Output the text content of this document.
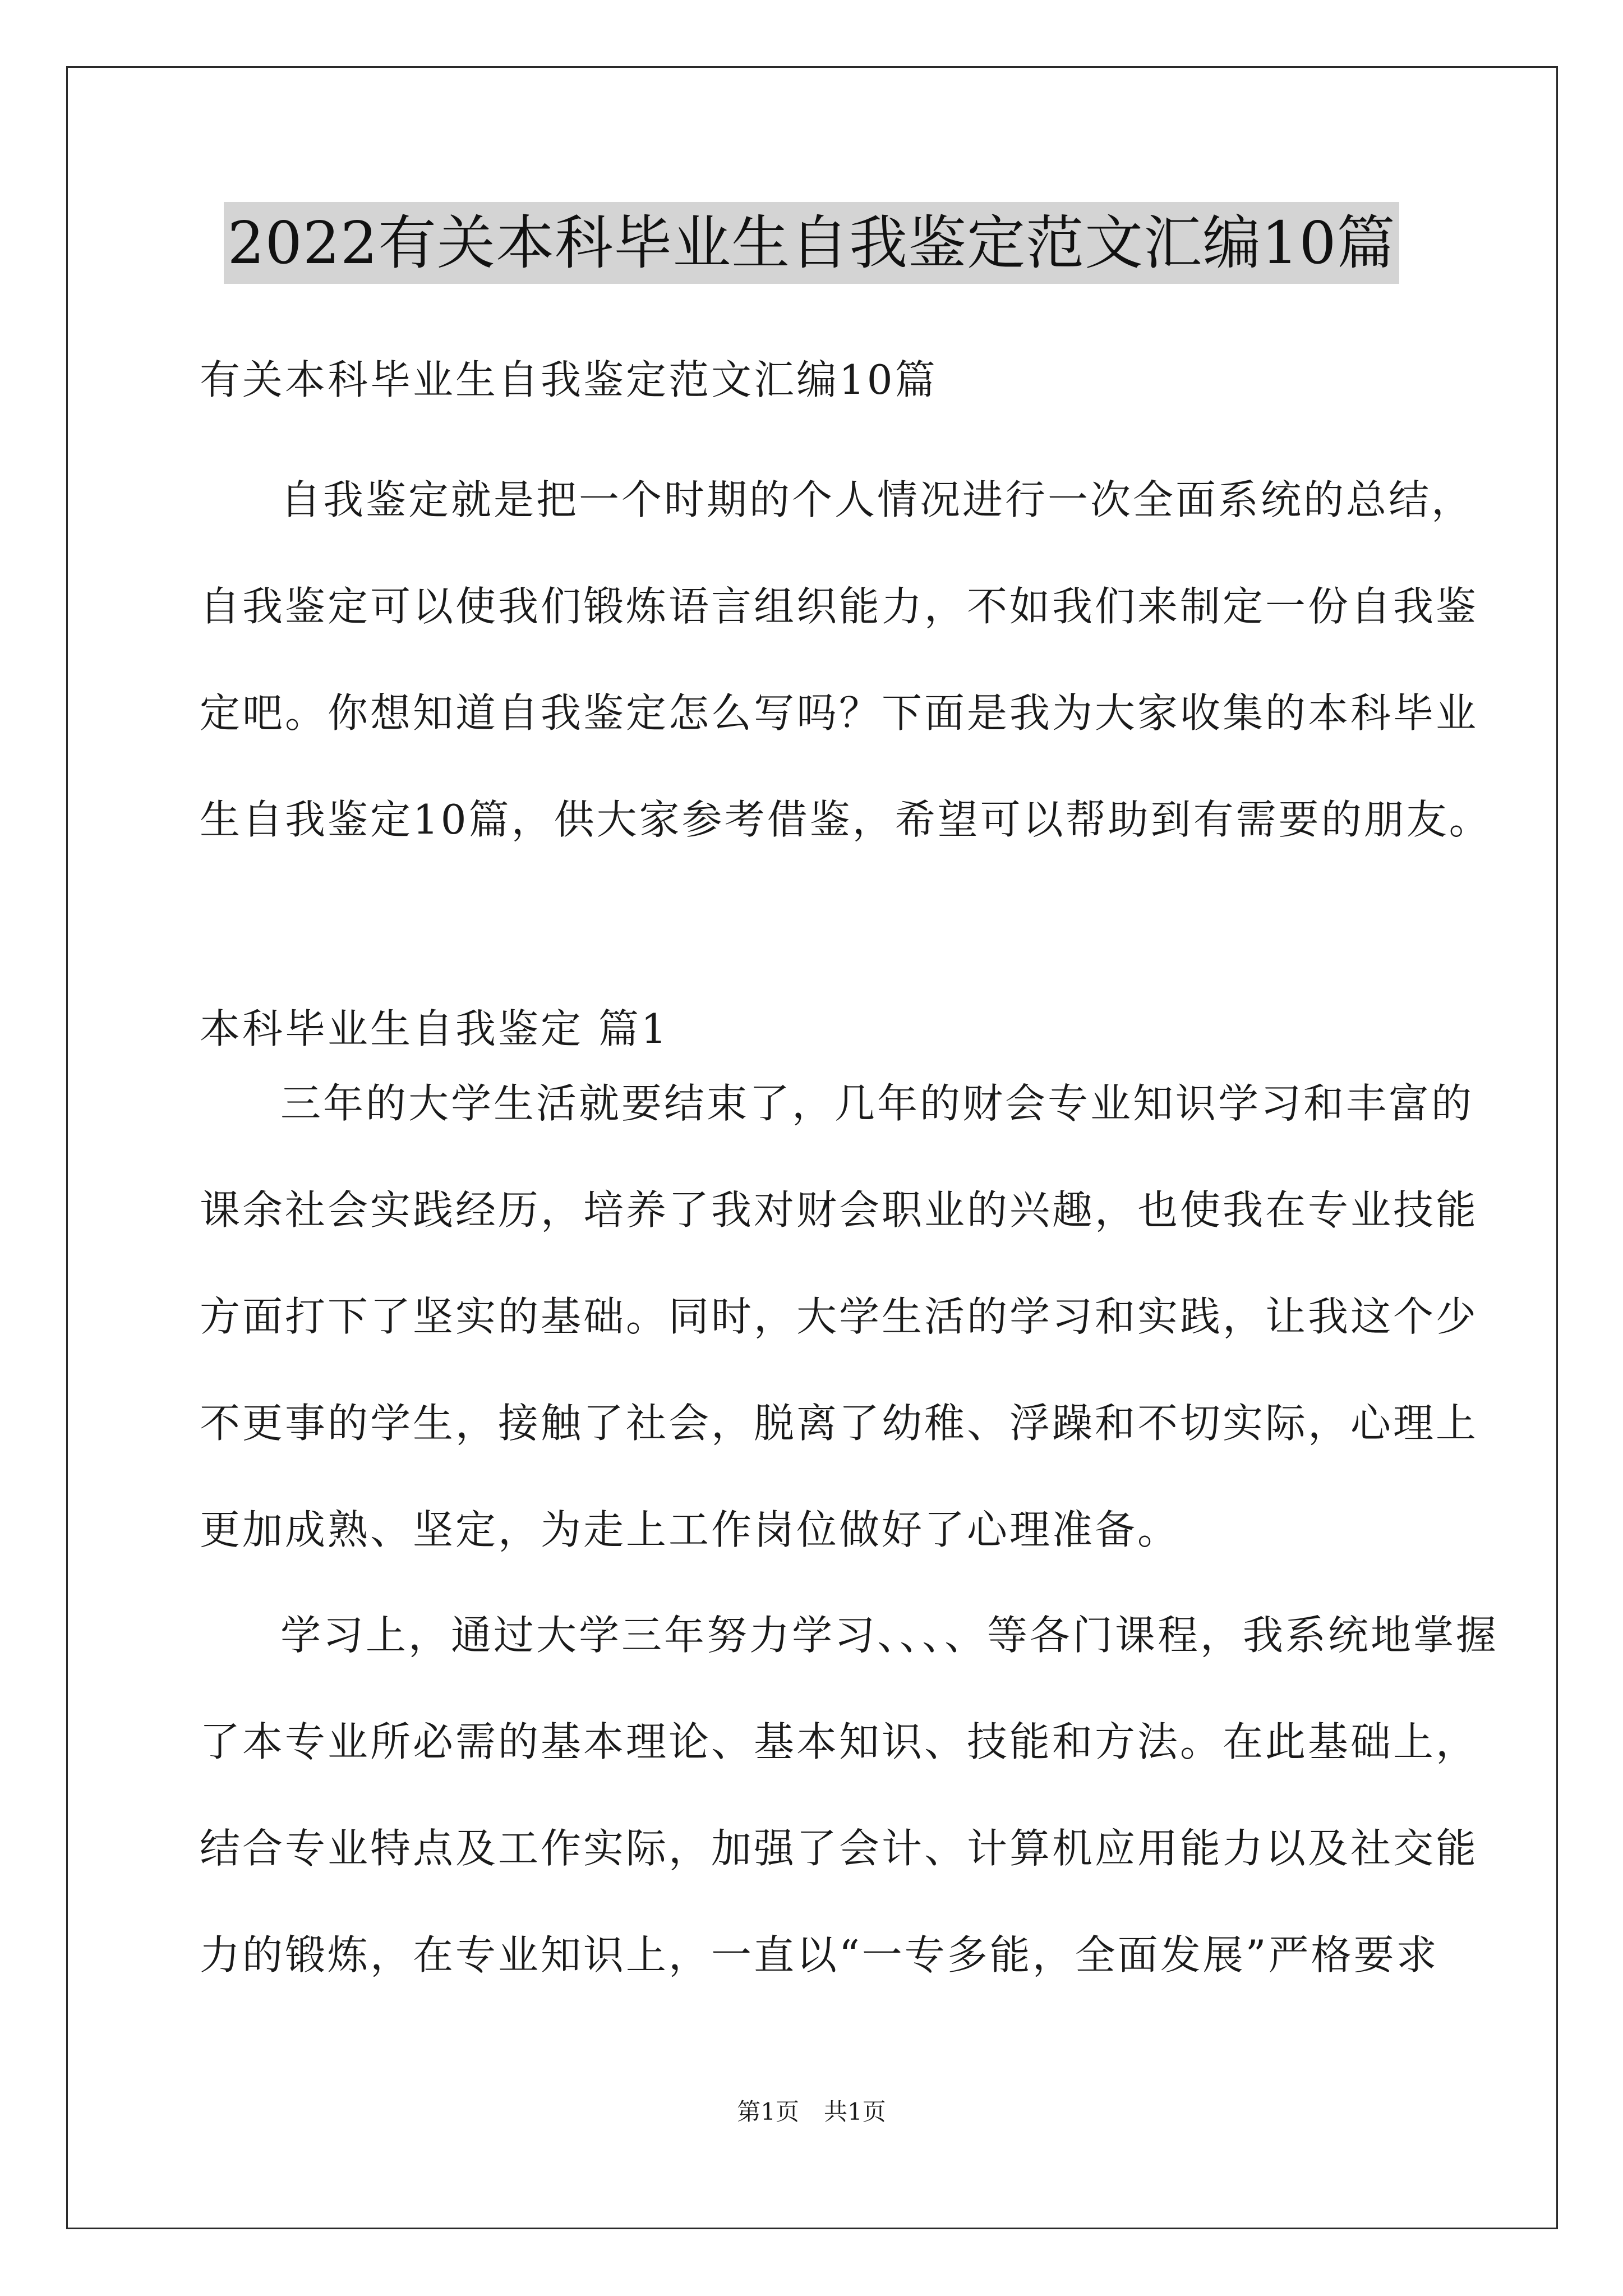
2022有关本科毕业生自我鉴定范文汇编10篇
有关本科毕业生自我鉴定范文汇编10篇
自我鉴定就是把一个时期的个人情况进行一次全面系统的总结，
自我鉴定可以使我们锻炼语言组织能力，不如我们来制定一份自我鉴
定吧。你想知道自我鉴定怎么写吗？下面是我为大家收集的本科毕业
生自我鉴定10篇，供大家参考借鉴，希望可以帮助到有需要的朋友。
本科毕业生自我鉴定 篇1
三年的大学生活就要结束了，几年的财会专业知识学习和丰富的
课余社会实践经历，培养了我对财会职业的兴趣，也使我在专业技能
方面打下了坚实的基础。同时，大学生活的学习和实践，让我这个少
不更事的学生，接触了社会，脱离了幼稚、浮躁和不切实际，心理上
更加成熟、坚定，为走上工作岗位做好了心理准备。
学习上，通过大学三年努力学习、、、、等各门课程，我系统地掌握
了本专业所必需的基本理论、基本知识、技能和方法。在此基础上，
结合专业特点及工作实际，加强了会计、计算机应用能力以及社交能
力的锻炼，在专业知识上，一直以“一专多能，全面发展”严格要求
第1页 共1页
